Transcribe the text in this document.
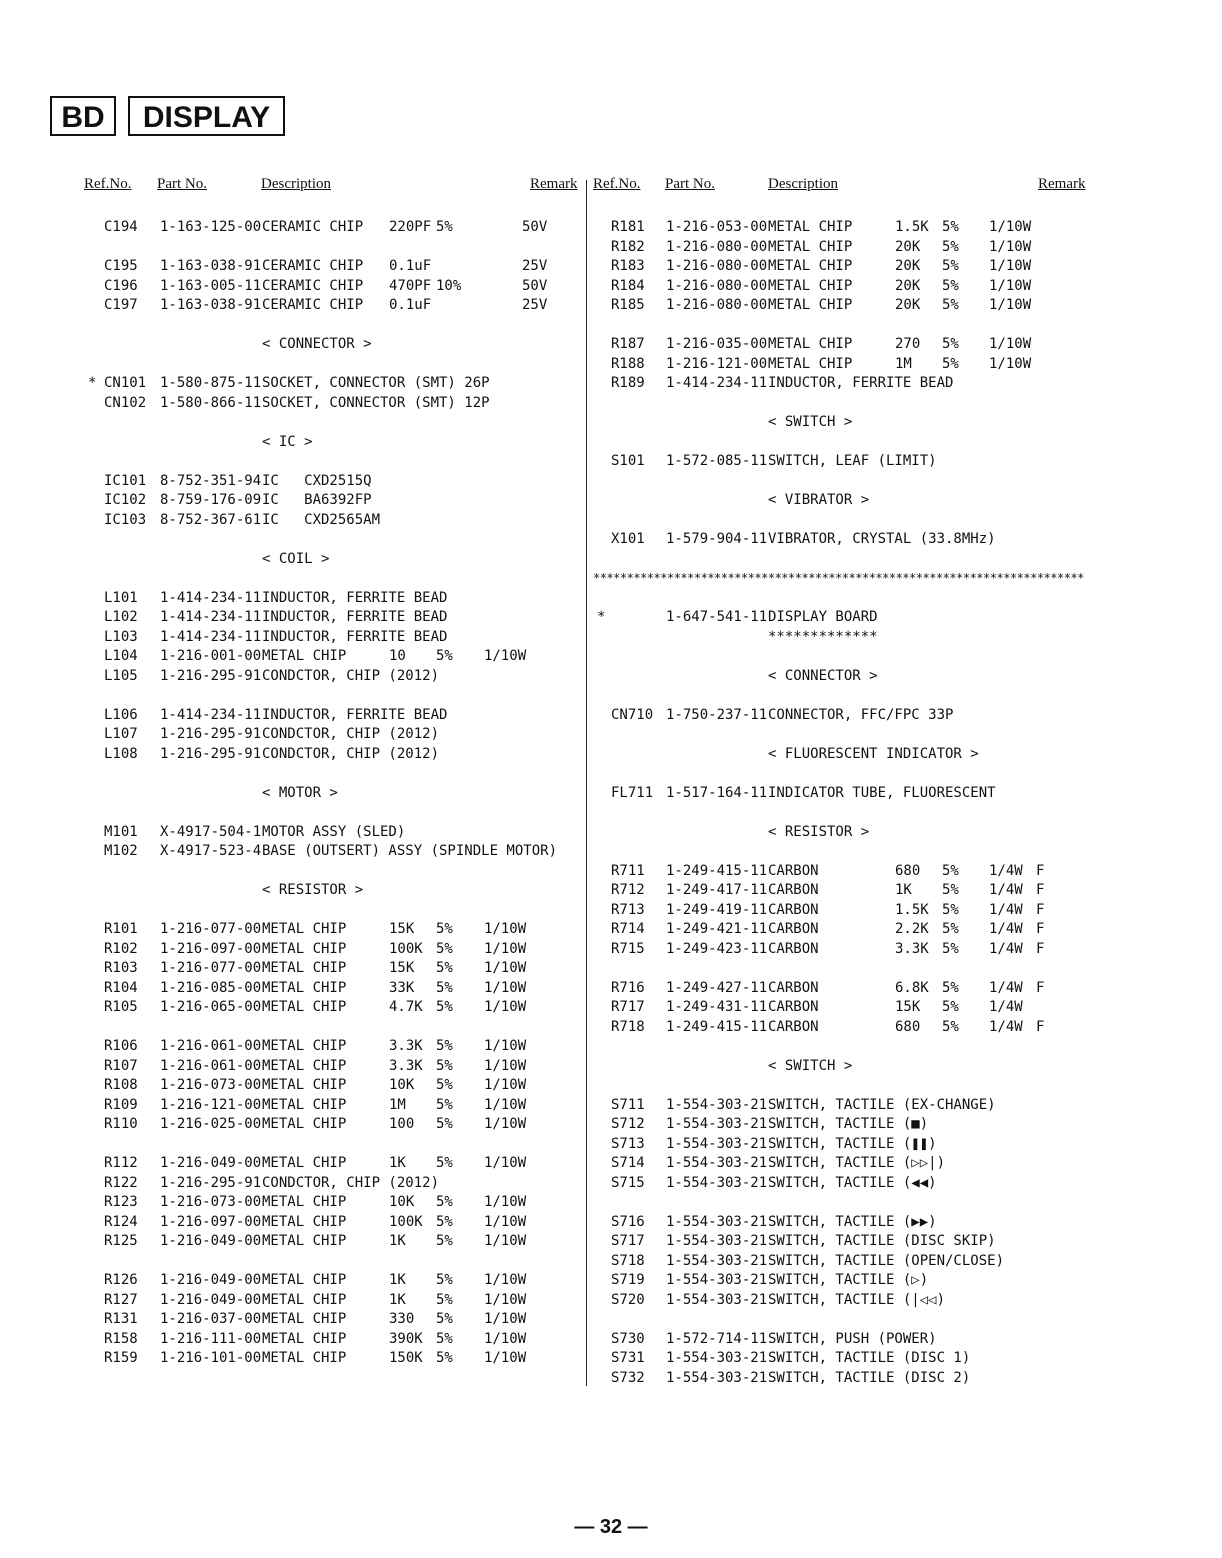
BD	DISPLAY
Ref.No. Part No.	Description	Remark
C194 1-163-125-00 CERAMIC CHIP 220PF 5%	50V
C195 1-163-038-91 CERAMIC CHIP 0.1uF	25V
C196 1-163-005-11 CERAMIC CHIP 470PF 10%	50V
C197 1-163-038-91 CERAMIC CHIP 0.1uF	25V
< CONNECTOR >
* CN101 1-580-875-11 SOCKET, CONNECTOR (SMT) 26P
CN102 1-580-866-11 SOCKET, CONNECTOR (SMT) 12P
< IC >
IC101 8-752-351-94 IC   CXD2515Q
IC102 8-759-176-09 IC   BA6392FP
IC103 8-752-367-61 IC   CXD2565AM
< COIL >
L101 1-414-234-11 INDUCTOR, FERRITE BEAD
L102 1-414-234-11 INDUCTOR, FERRITE BEAD
L103 1-414-234-11 INDUCTOR, FERRITE BEAD
L104 1-216-001-00 METAL CHIP	10 5% 1/10W
L105 1-216-295-91 CONDCTOR, CHIP (2012)
L106 1-414-234-11 INDUCTOR, FERRITE BEAD
L107 1-216-295-91 CONDCTOR, CHIP (2012)
L108 1-216-295-91 CONDCTOR, CHIP (2012)
< MOTOR >
M101 X-4917-504-1 MOTOR ASSY (SLED)
M102 X-4917-523-4 BASE (OUTSERT) ASSY (SPINDLE MOTOR)
< RESISTOR >
R101 1-216-077-00 METAL CHIP	15K 5% 1/10W
R102 1-216-097-00 METAL CHIP	100K 5% 1/10W
R103 1-216-077-00 METAL CHIP	15K 5% 1/10W
R104 1-216-085-00 METAL CHIP	33K 5% 1/10W
R105 1-216-065-00 METAL CHIP	4.7K 5% 1/10W
R106 1-216-061-00 METAL CHIP	3.3K 5% 1/10W
R107 1-216-061-00 METAL CHIP	3.3K 5% 1/10W
R108 1-216-073-00 METAL CHIP	10K 5% 1/10W
R109 1-216-121-00 METAL CHIP	1M 5% 1/10W
R110 1-216-025-00 METAL CHIP	100 5% 1/10W
R112 1-216-049-00 METAL CHIP	1K 5% 1/10W
R122 1-216-295-91 CONDCTOR, CHIP (2012)
R123 1-216-073-00 METAL CHIP	10K 5% 1/10W
R124 1-216-097-00 METAL CHIP	100K 5% 1/10W
R125 1-216-049-00 METAL CHIP	1K 5% 1/10W
R126 1-216-049-00 METAL CHIP	1K 5% 1/10W
R127 1-216-049-00 METAL CHIP	1K 5% 1/10W
R131 1-216-037-00 METAL CHIP	330 5% 1/10W
R158 1-216-111-00 METAL CHIP	390K 5% 1/10W
R159 1-216-101-00 METAL CHIP	150K 5% 1/10W
Ref.No. Part No.	Description	Remark
R181 1-216-053-00 METAL CHIP	1.5K 5% 1/10W
R182 1-216-080-00 METAL CHIP	20K 5% 1/10W
R183 1-216-080-00 METAL CHIP	20K 5% 1/10W
R184 1-216-080-00 METAL CHIP	20K 5% 1/10W
R185 1-216-080-00 METAL CHIP	20K 5% 1/10W
R187 1-216-035-00 METAL CHIP	270 5% 1/10W
R188 1-216-121-00 METAL CHIP	1M 5% 1/10W
R189 1-414-234-11 INDUCTOR, FERRITE BEAD
< SWITCH >
S101 1-572-085-11 SWITCH, LEAF (LIMIT)
< VIBRATOR >
X101 1-579-904-11 VIBRATOR, CRYSTAL (33.8MHz)
*************************************************************************
*	1-647-541-11 DISPLAY BOARD
*************
< CONNECTOR >
CN710 1-750-237-11 CONNECTOR, FFC/FPC 33P
< FLUORESCENT INDICATOR >
FL711 1-517-164-11 INDICATOR TUBE, FLUORESCENT
< RESISTOR >
R711 1-249-415-11 CARBON	680 5% 1/4W F
R712 1-249-417-11 CARBON	1K 5% 1/4W F
R713 1-249-419-11 CARBON	1.5K 5% 1/4W F
R714 1-249-421-11 CARBON	2.2K 5% 1/4W F
R715 1-249-423-11 CARBON	3.3K 5% 1/4W F
R716 1-249-427-11 CARBON	6.8K 5% 1/4W F
R717 1-249-431-11 CARBON	15K 5% 1/4W
R718 1-249-415-11 CARBON	680 5% 1/4W F
< SWITCH >
S711 1-554-303-21 SWITCH, TACTILE (EX-CHANGE)
S712 1-554-303-21 SWITCH, TACTILE (■)
S713 1-554-303-21 SWITCH, TACTILE (❚❚)
S714 1-554-303-21 SWITCH, TACTILE (▷▷|)
S715 1-554-303-21 SWITCH, TACTILE (◀◀)
S716 1-554-303-21 SWITCH, TACTILE (▶▶)
S717 1-554-303-21 SWITCH, TACTILE (DISC SKIP)
S718 1-554-303-21 SWITCH, TACTILE (OPEN/CLOSE)
S719 1-554-303-21 SWITCH, TACTILE (▷)
S720 1-554-303-21 SWITCH, TACTILE (|◁◁)
S730 1-572-714-11 SWITCH, PUSH (POWER)
S731 1-554-303-21 SWITCH, TACTILE (DISC 1)
S732 1-554-303-21 SWITCH, TACTILE (DISC 2)
— 32 —
